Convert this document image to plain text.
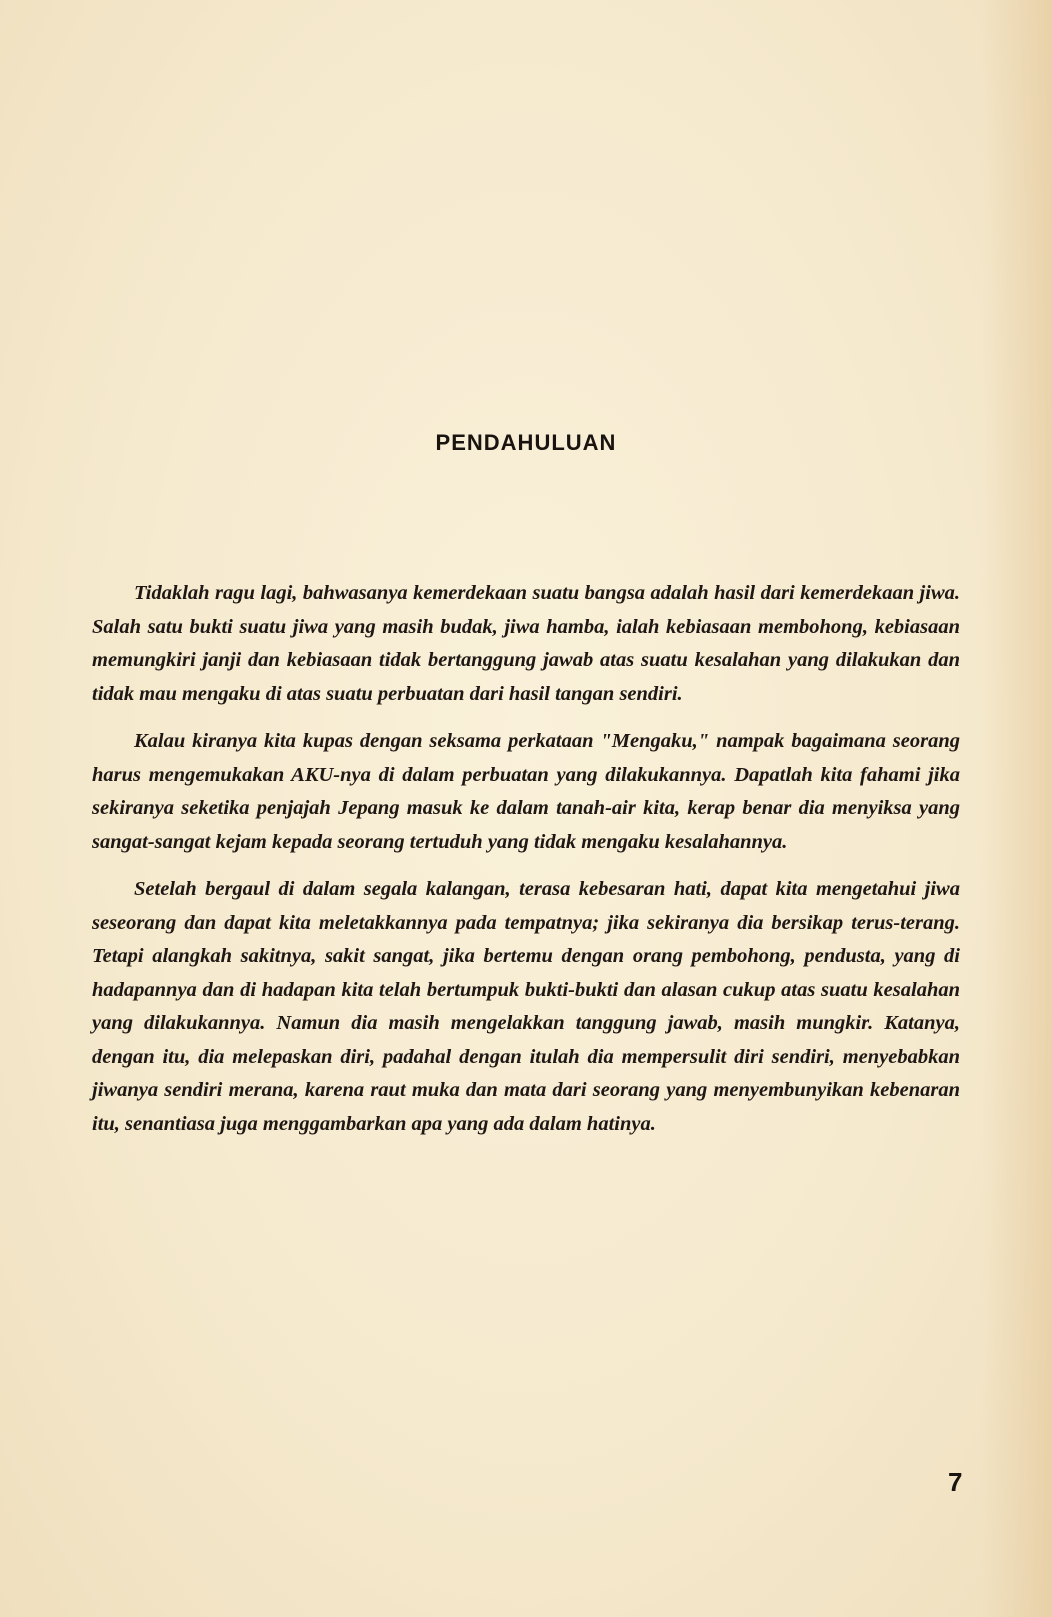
PENDAHULUAN

Tidaklah ragu lagi, bahwasanya kemerdekaan suatu bangsa adalah hasil dari kemerdekaan jiwa. Salah satu bukti suatu jiwa yang masih budak, jiwa hamba, ialah kebiasaan membohong, kebiasaan memungkiri janji dan kebiasaan tidak bertanggung jawab atas suatu kesalahan yang dilakukan dan tidak mau mengaku di atas suatu perbuatan dari hasil tangan sendiri.

Kalau kiranya kita kupas dengan seksama perkataan "Mengaku," nampak bagaimana seorang harus mengemukakan AKU-nya di dalam perbuatan yang dilakukannya. Dapatlah kita fahami jika sekiranya seketika penjajah Jepang masuk ke dalam tanah-air kita, kerap benar dia menyiksa yang sangat-sangat kejam kepada seorang tertuduh yang tidak mengaku kesalahannya.

Setelah bergaul di dalam segala kalangan, terasa kebesaran hati, dapat kita mengetahui jiwa seseorang dan dapat kita meletakkannya pada tempatnya; jika sekiranya dia bersikap terus-terang. Tetapi alangkah sakitnya, sakit sangat, jika bertemu dengan orang pembohong, pendusta, yang di hadapannya dan di hadapan kita telah bertumpuk bukti-bukti dan alasan cukup atas suatu kesalahan yang dilakukannya. Namun dia masih mengelakkan tanggung jawab, masih mungkir. Katanya, dengan itu, dia melepaskan diri, padahal dengan itulah dia mempersulit diri sendiri, menyebabkan jiwanya sendiri merana, karena raut muka dan mata dari seorang yang menyembunyikan kebenaran itu, senantiasa juga menggambarkan apa yang ada dalam hatinya.

7
